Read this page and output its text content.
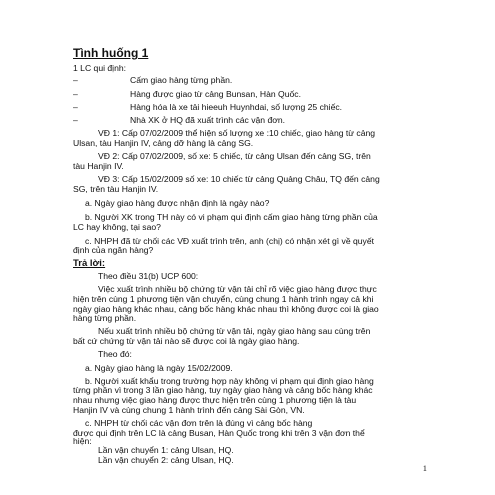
Tình huống 1

1 LC qui định:

–	Cấm giao hàng từng phần.

–	Hàng được giao từ cảng Bunsan, Hàn Quốc.

–	Hàng hóa là xe tải hieeuh Huynhdai, số lượng 25 chiếc.

–	Nhà XK ở HQ đã xuất trình các vận đơn.

VĐ 1: Cấp 07/02/2009 thể hiện số lượng xe :10 chiếc, giao hàng từ cảng

Ulsan, tàu Hanjin IV, cảng dỡ hàng là cảng SG.

VĐ 2: Cấp 07/02/2009, số xe: 5 chiếc, từ cảng Ulsan đến cảng SG, trên

tàu Hanjin IV.

VĐ 3: Cấp 15/02/2009 số xe: 10 chiếc từ cảng Quảng Châu, TQ đến cảng

SG, trên tàu Hanjin IV.

a. Ngày giao hàng được nhận định là ngày nào?

b. Người XK trong TH này có vi phạm qui định cấm giao hàng từng phần của

LC hay không, tại sao?

c. NHPH đã từ chối các VĐ xuất trình trên, anh (chị) có nhận xét gì về quyết

định của ngân hàng?

Trả lời:

Theo điều 31(b) UCP 600:

Việc xuất trình nhiều bộ chứng từ vận tải chỉ rõ việc giao hàng được thực

hiện trên cùng 1 phương tiện vận chuyển, cùng chung 1 hành trình ngay cả khi

ngày giao hàng khác nhau, cảng bốc hàng khác nhau thì không được coi là giao

hàng từng phần.

Nếu xuất trình nhiều bộ chứng từ vận tải, ngày giao hàng sau cùng trên

bất cứ chứng từ vận tải nào sẽ được coi là ngày giao hàng.

Theo đó:

a. Ngày giao hàng là ngày 15/02/2009.

b. Người xuất khẩu trong trường hợp này không vi phạm qui định giao hàng

từng phần vì trong 3 lần giao hàng, tuy ngày giao hàng và cảng bốc hàng khác

nhau nhưng việc giao hàng được thực hiện trên cùng 1 phương tiện là tàu

Hanjin IV và cùng chung 1 hành trình đến cảng Sài Gòn, VN.

c. NHPH từ chối các vận đơn trên là đúng vì cảng bốc hàng

được qui định trên LC là cảng Busan, Hàn Quốc trong khi trên 3 vận đơn thể

hiện:

Lần vận chuyển 1: cảng Ulsan, HQ.

Lần vận chuyển 2: cảng Ulsan, HQ.

1
